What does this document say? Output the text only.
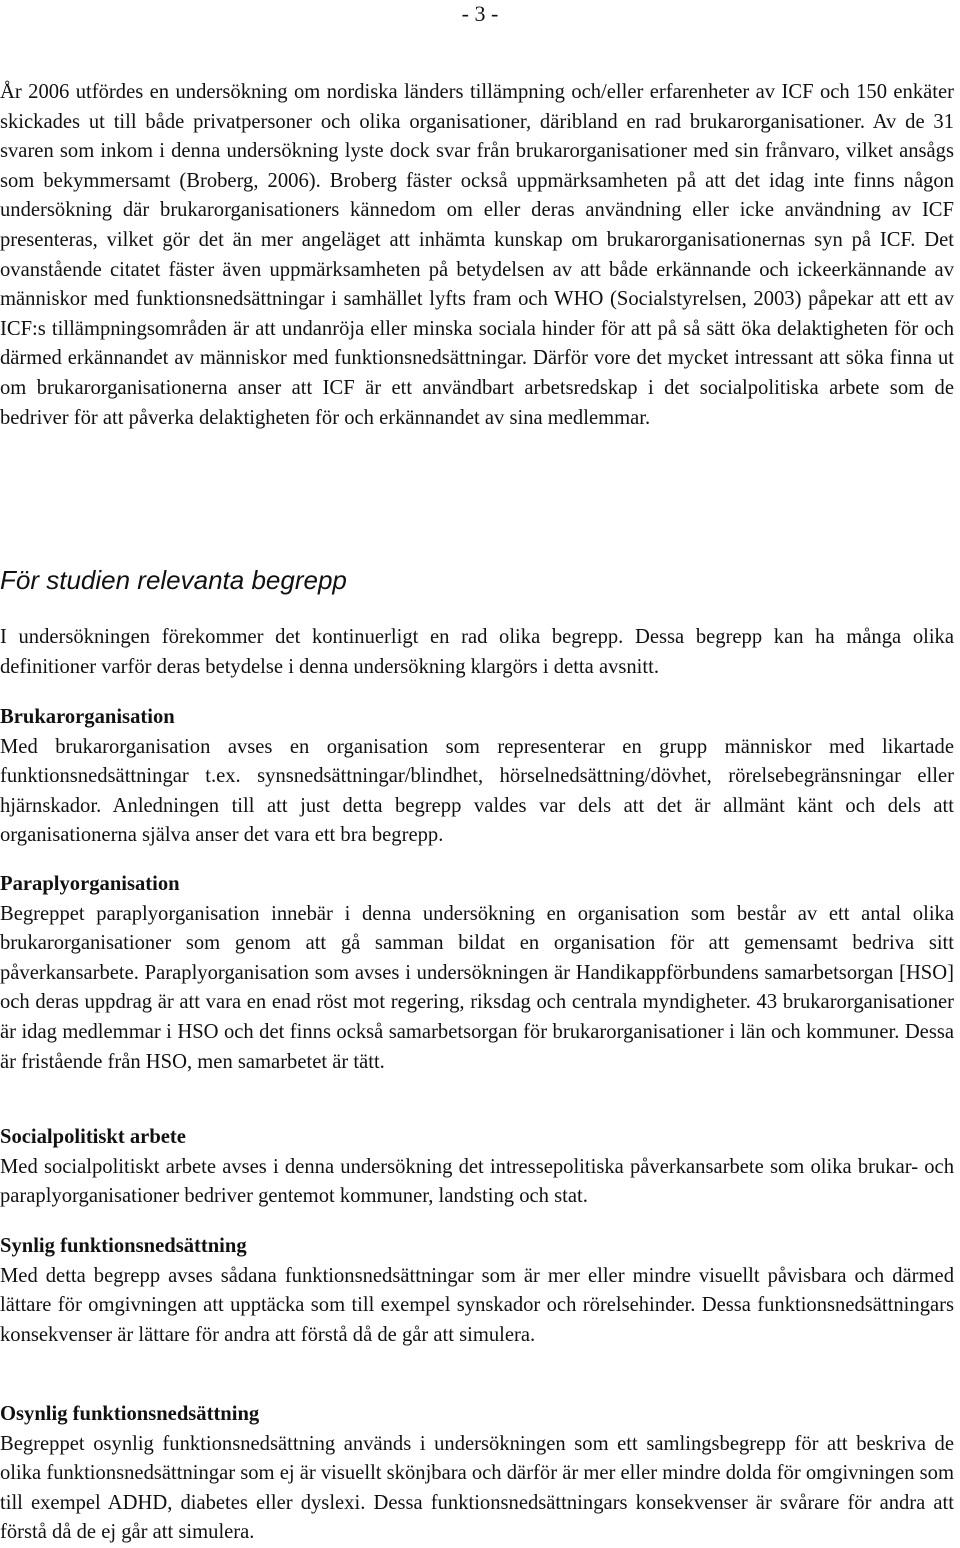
- 3 -

År 2006 utfördes en undersökning om nordiska länders tillämpning och/eller erfarenheter av ICF och 150 enkäter skickades ut till både privatpersoner och olika organisationer, däribland en rad brukarorganisationer. Av de 31 svaren som inkom i denna undersökning lyste dock svar från brukarorganisationer med sin frånvaro, vilket ansågs som bekymmersamt (Broberg, 2006). Broberg fäster också uppmärksamheten på att det idag inte finns någon undersökning där brukarorganisationers kännedom om eller deras användning eller icke användning av ICF presenteras, vilket gör det än mer angeläget att inhämta kunskap om brukarorganisationernas syn på ICF. Det ovanstående citatet fäster även uppmärksamheten på betydelsen av att både erkännande och ickeerkännande av människor med funktionsnedsättningar i samhället lyfts fram och WHO (Socialstyrelsen, 2003) påpekar att ett av ICF:s tillämpningsområden är att undanröja eller minska sociala hinder för att på så sätt öka delaktigheten för och därmed erkännandet av människor med funktionsnedsättningar. Därför vore det mycket intressant att söka finna ut om brukarorganisationerna anser att ICF är ett användbart arbetsredskap i det socialpolitiska arbete som de bedriver för att påverka delaktigheten för och erkännandet av sina medlemmar.

För studien relevanta begrepp

I undersökningen förekommer det kontinuerligt en rad olika begrepp. Dessa begrepp kan ha många olika definitioner varför deras betydelse i denna undersökning klargörs i detta avsnitt.

Brukarorganisation

Med brukarorganisation avses en organisation som representerar en grupp människor med likartade funktionsnedsättningar t.ex. synsnedsättningar/blindhet, hörselnedsättning/dövhet, rörelsebegränsningar eller hjärnskador. Anledningen till att just detta begrepp valdes var dels att det är allmänt känt och dels att organisationerna själva anser det vara ett bra begrepp.

Paraplyorganisation

Begreppet paraplyorganisation innebär i denna undersökning en organisation som består av ett antal olika brukarorganisationer som genom att gå samman bildat en organisation för att gemensamt bedriva sitt påverkansarbete. Paraplyorganisation som avses i undersökningen är Handikappförbundens samarbetsorgan [HSO] och deras uppdrag är att vara en enad röst mot regering, riksdag och centrala myndigheter. 43 brukarorganisationer är idag medlemmar i HSO och det finns också samarbetsorgan för brukarorganisationer i län och kommuner. Dessa är fristående från HSO, men samarbetet är tätt.

Socialpolitiskt arbete

Med socialpolitiskt arbete avses i denna undersökning det intressepolitiska påverkansarbete som olika brukar- och paraplyorganisationer bedriver gentemot kommuner, landsting och stat.

Synlig funktionsnedsättning

Med detta begrepp avses sådana funktionsnedsättningar som är mer eller mindre visuellt påvisbara och därmed lättare för omgivningen att upptäcka som till exempel synskador och rörelsehinder. Dessa funktionsnedsättningars konsekvenser är lättare för andra att förstå då de går att simulera.

Osynlig funktionsnedsättning

Begreppet osynlig funktionsnedsättning används i undersökningen som ett samlingsbegrepp för att beskriva de olika funktionsnedsättningar som ej är visuellt skönjbara och därför är mer eller mindre dolda för omgivningen som till exempel ADHD, diabetes eller dyslexi. Dessa funktionsnedsättningars konsekvenser är svårare för andra att förstå då de ej går att simulera.
